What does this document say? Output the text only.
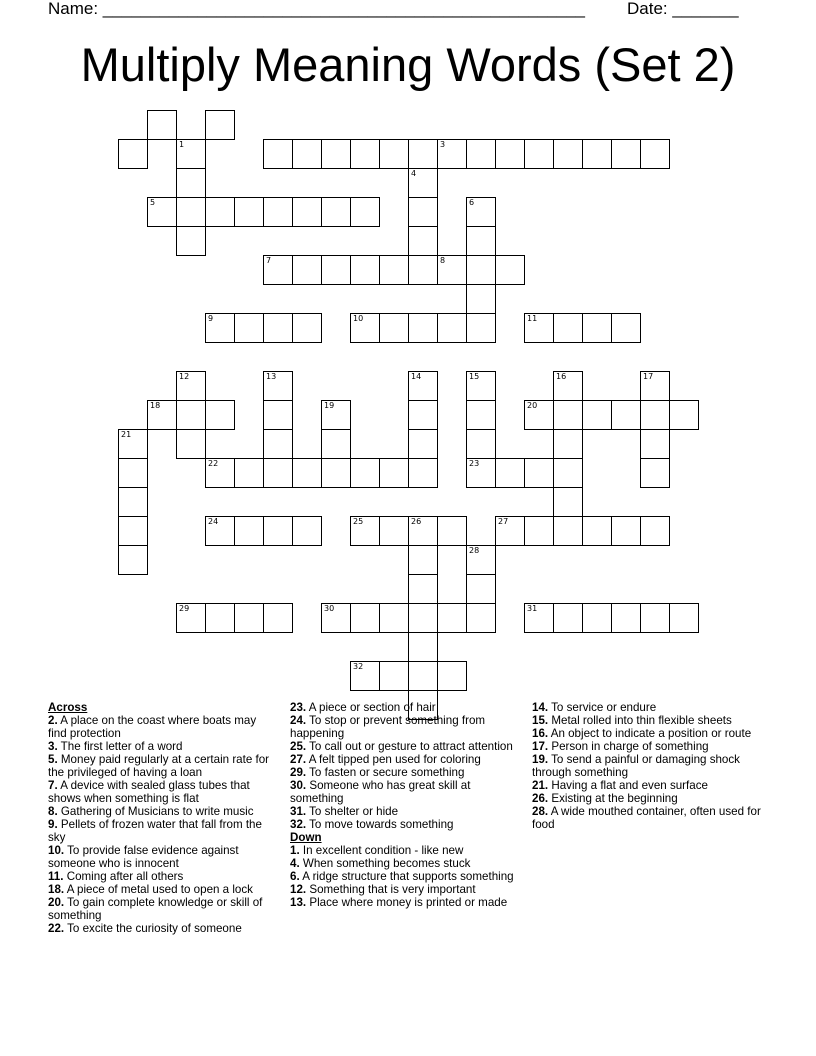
Name: ___________________________________________________ Date: _______
Multiply Meaning Words (Set 2)
1	3
4
5	6
7	8
9	10	11
12	13	14	15	16	17
18	19	20
21
22	23
24	25	26	27
28
29	30	31
32
Across
2. A place on the coast where boats may find protection
3. The first letter of a word
5. Money paid regularly at a certain rate for the privileged of having a loan
7. A device with sealed glass tubes that shows when something is flat
8. Gathering of Musicians to write music
9. Pellets of frozen water that fall from the sky
10. To provide false evidence against someone who is innocent
11. Coming after all others
18. A piece of metal used to open a lock
20. To gain complete knowledge or skill of something
22. To excite the curiosity of someone
23. A piece or section of hair
24. To stop or prevent something from happening
25. To call out or gesture to attract attention
27. A felt tipped pen used for coloring
29. To fasten or secure something
30. Someone who has great skill at something
31. To shelter or hide
32. To move towards something
Down
1. In excellent condition - like new
4. When something becomes stuck
6. A ridge structure that supports something
12. Something that is very important
13. Place where money is printed or made
14. To service or endure
15. Metal rolled into thin flexible sheets
16. An object to indicate a position or route
17. Person in charge of something
19. To send a painful or damaging shock through something
21. Having a flat and even surface
26. Existing at the beginning
28. A wide mouthed container, often used for food
